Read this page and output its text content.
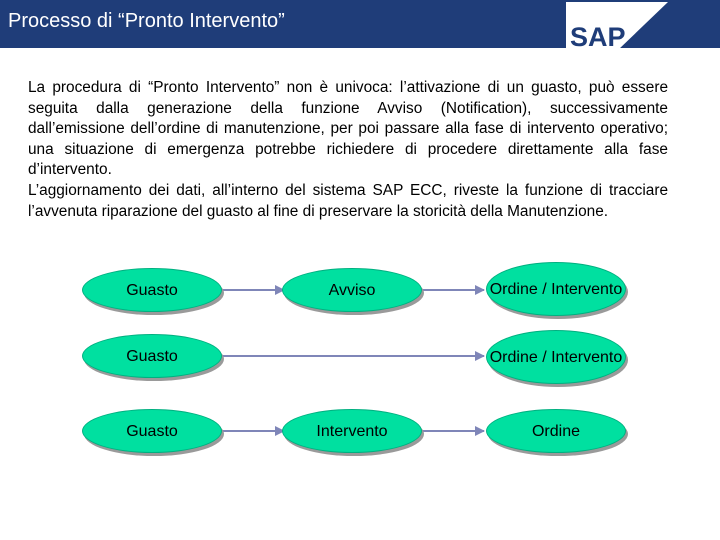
Processo di “Pronto Intervento”
SAP

La procedura di “Pronto Intervento” non è univoca: l’attivazione di un guasto, può essere seguita dalla generazione della funzione Avviso (Notification), successivamente dall’emissione dell’ordine di manutenzione, per poi passare alla fase di intervento operativo; una situazione di emergenza potrebbe richiedere di procedere direttamente alla fase d’intervento.

L’aggiornamento dei dati, all’interno del sistema SAP ECC, riveste la funzione di tracciare l’avvenuta riparazione del guasto al fine di preservare la storicità della Manutenzione.

Guasto	Avviso	Ordine / Intervento
Guasto	Ordine / Intervento
Guasto	Intervento	Ordine
